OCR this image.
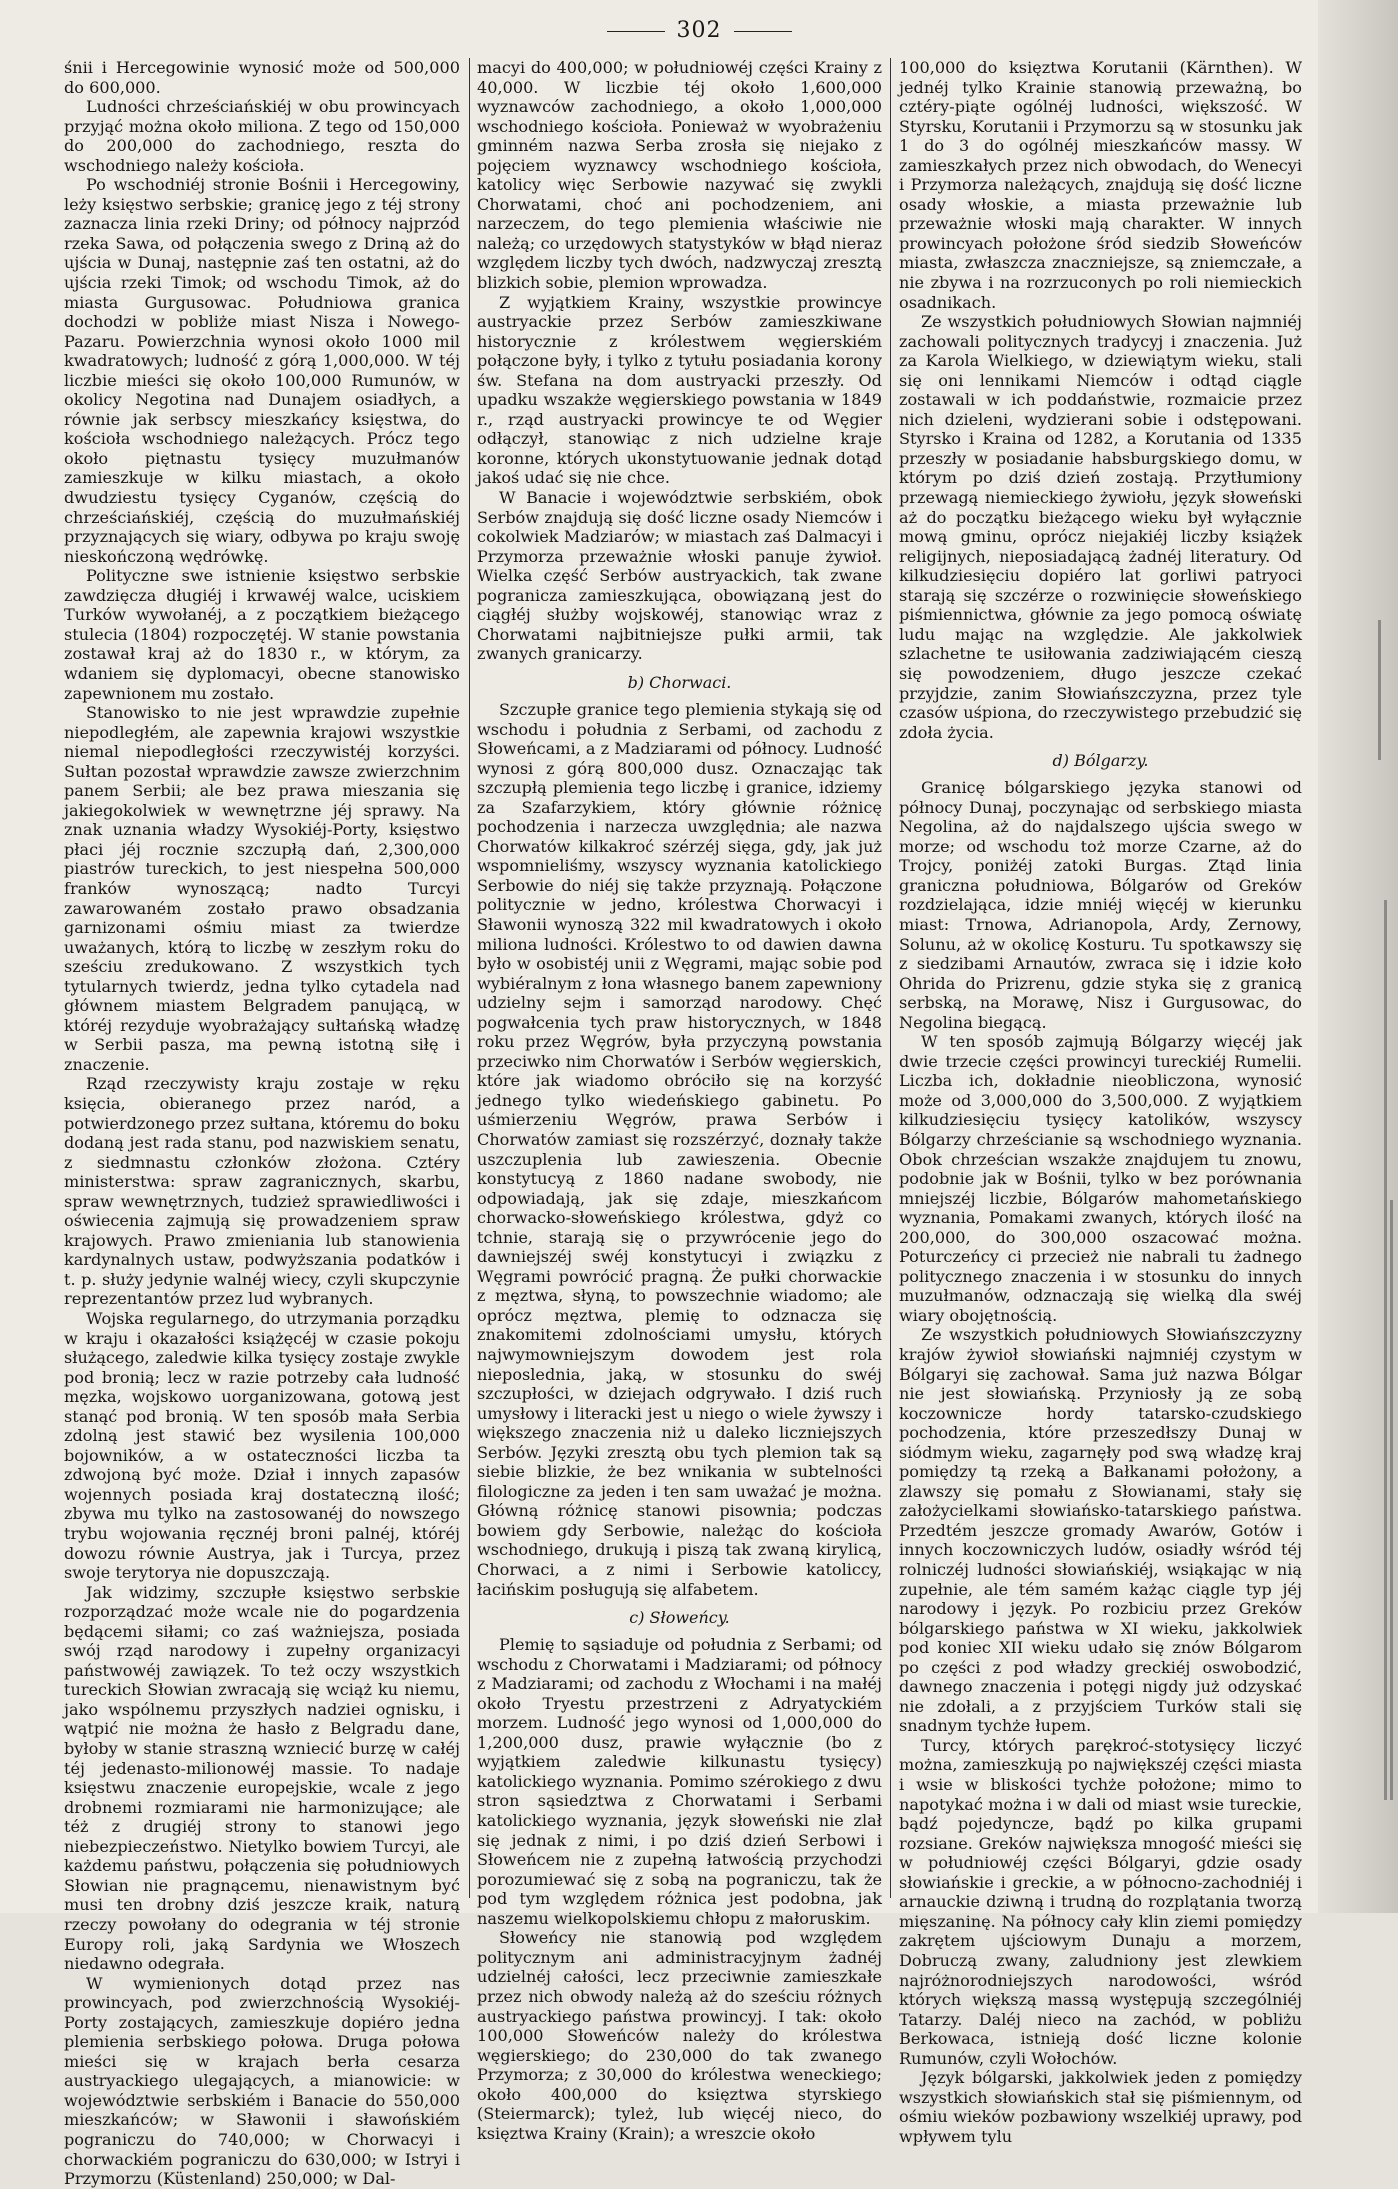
302

śnii i Hercegowinie wynosić może od 500,000 do 600,000.

Ludności chrześciańskiéj w obu prowincyach przyjąć można około miliona. Z tego od 150,000 do 200,000 do zachodniego, reszta do wschodniego należy kościoła.

Po wschodniéj stronie Bośnii i Hercegowiny, leży księstwo serbskie; granicę jego z téj strony zaznacza linia rzeki Driny; od północy najprzód rzeka Sawa, od połączenia swego z Driną aż do ujścia w Dunaj, następnie zaś ten ostatni, aż do ujścia rzeki Timok; od wschodu Timok, aż do miasta Gurgusowac. Południowa granica dochodzi w pobliże miast Nisza i Nowego-Pazaru. Powierzchnia wynosi około 1000 mil kwadratowych; ludność z górą 1,000,000. W téj liczbie mieści się około 100,000 Rumunów, w okolicy Negotina nad Dunajem osiadłych, a równie jak serbscy mieszkańcy księstwa, do kościoła wschodniego należących. Prócz tego około piętnastu tysięcy muzułmanów zamieszkuje w kilku miastach, a około dwudziestu tysięcy Cyganów, częścią do chrześciańskiéj, częścią do muzułmańskiéj przyznających się wiary, odbywa po kraju swoję nieskończoną wędrówkę.

Polityczne swe istnienie księstwo serbskie zawdzięcza długiéj i krwawéj walce, uciskiem Turków wywołanéj, a z początkiem bieżącego stulecia (1804) rozpoczętéj. W stanie powstania zostawał kraj aż do 1830 r., w którym, za wdaniem się dyplomacyi, obecne stanowisko zapewnionem mu zostało.

Stanowisko to nie jest wprawdzie zupełnie niepodległém, ale zapewnia krajowi wszystkie niemal niepodległości rzeczywistéj korzyści. Sułtan pozostał wprawdzie zawsze zwierzchnim panem Serbii; ale bez prawa mieszania się jakiegokolwiek w wewnętrzne jéj sprawy. Na znak uznania władzy Wysokiéj-Porty, księstwo płaci jéj rocznie szczupłą dań, 2,300,000 piastrów tureckich, to jest niespełna 500,000 franków wynoszącą; nadto Turcyi zawarowaném zostało prawo obsadzania garnizonami ośmiu miast za twierdze uważanych, którą to liczbę w zeszłym roku do sześciu zredukowano. Z wszystkich tych tytularnych twierdz, jedna tylko cytadela nad głównem miastem Belgradem panującą, w któréj rezyduje wyobrażający sułtańską władzę w Serbii pasza, ma pewną istotną siłę i znaczenie.

Rząd rzeczywisty kraju zostaje w ręku księcia, obieranego przez naród, a potwierdzonego przez sułtana, któremu do boku dodaną jest rada stanu, pod nazwiskiem senatu, z siedmnastu członków złożona. Cztéry ministerstwa: spraw zagranicznych, skarbu, spraw wewnętrznych, tudzież sprawiedliwości i oświecenia zajmują się prowadzeniem spraw krajowych. Prawo zmieniania lub stanowienia kardynalnych ustaw, podwyższania podatków i t. p. służy jedynie walnéj wiecy, czyli skupczynie reprezentantów przez lud wybranych.

Wojska regularnego, do utrzymania porządku w kraju i okazałości książęcéj w czasie pokoju służącego, zaledwie kilka tysięcy zostaje zwykle pod bronią; lecz w razie potrzeby cała ludność męzka, wojskowo uorganizowana, gotową jest stanąć pod bronią. W ten sposób mała Serbia zdolną jest stawić bez wysilenia 100,000 bojowników, a w ostateczności liczba ta zdwojoną być może. Dział i innych zapasów wojennych posiada kraj dostateczną ilość; zbywa mu tylko na zastosowanéj do nowszego trybu wojowania ręcznéj broni palnéj, któréj dowozu równie Austrya, jak i Turcya, przez swoje terytorya nie dopuszczają.

Jak widzimy, szczupłe księstwo serbskie rozporządzać może wcale nie do pogardzenia będącemi siłami; co zaś ważniejsza, posiada swój rząd narodowy i zupełny organizacyi państwowéj zawiązek. To też oczy wszystkich tureckich Słowian zwracają się wciąż ku niemu, jako wspólnemu przyszłych nadziei ognisku, i wątpić nie można że hasło z Belgradu dane, byłoby w stanie straszną wzniecić burzę w całéj téj jedenasto-milionowéj massie. To nadaje księstwu znaczenie europejskie, wcale z jego drobnemi rozmiarami nie harmonizujące; ale téż z drugiéj strony to stanowi jego niebezpieczeństwo. Nietylko bowiem Turcyi, ale każdemu państwu, połączenia się południowych Słowian nie pragnącemu, nienawistnym być musi ten drobny dziś jeszcze kraik, naturą rzeczy powołany do odegrania w téj stronie Europy roli, jaką Sardynia we Włoszech niedawno odegrała.

W wymienionych dotąd przez nas prowincyach, pod zwierzchnością Wysokiéj-Porty zostających, zamieszkuje dopiéro jedna plemienia serbskiego połowa. Druga połowa mieści się w krajach berła cesarza austryackiego ulegających, a mianowicie: w województwie serbskiém i Banacie do 550,000 mieszkańców; w Sławonii i sławońskiém pograniczu do 740,000; w Chorwacyi i chorwackiém pograniczu do 630,000; w Istryi i Przymorzu (Küstenland) 250,000; w Dal-

macyi do 400,000; w południowéj części Krainy z 40,000. W liczbie téj około 1,600,000 wyznawców zachodniego, a około 1,000,000 wschodniego kościoła. Ponieważ w wyobrażeniu gminném nazwa Serba zrosła się niejako z pojęciem wyznawcy wschodniego kościoła, katolicy więc Serbowie nazywać się zwykli Chorwatami, choć ani pochodzeniem, ani narzeczem, do tego plemienia właściwie nie należą; co urzędowych statystyków w błąd nieraz względem liczby tych dwóch, nadzwyczaj zresztą blizkich sobie, plemion wprowadza.

Z wyjątkiem Krainy, wszystkie prowincye austryackie przez Serbów zamieszkiwane historycznie z królestwem węgierskiém połączone były, i tylko z tytułu posiadania korony św. Stefana na dom austryacki przeszły. Od upadku wszakże węgierskiego powstania w 1849 r., rząd austryacki prowincye te od Węgier odłączył, stanowiąc z nich udzielne kraje koronne, których ukonstytuowanie jednak dotąd jakoś udać się nie chce.

W Banacie i województwie serbskiém, obok Serbów znajdują się dość liczne osady Niemców i cokolwiek Madziarów; w miastach zaś Dalmacyi i Przymorza przeważnie włoski panuje żywioł. Wielka część Serbów austryackich, tak zwane pogranicza zamieszkująca, obowiązaną jest do ciągłéj służby wojskowéj, stanowiąc wraz z Chorwatami najbitniejsze pułki armii, tak zwanych granicarzy.

b) Chorwaci.

Szczupłe granice tego plemienia stykają się od wschodu i południa z Serbami, od zachodu z Słoweńcami, a z Madziarami od północy. Ludność wynosi z górą 800,000 dusz. Oznaczając tak szczupłą plemienia tego liczbę i granice, idziemy za Szafarzykiem, który głównie różnicę pochodzenia i narzecza uwzględnia; ale nazwa Chorwatów kilkakroć szérzéj sięga, gdy, jak już wspomnieliśmy, wszyscy wyznania katolickiego Serbowie do niéj się także przyznają. Połączone politycznie w jedno, królestwa Chorwacyi i Sławonii wynoszą 322 mil kwadratowych i około miliona ludności. Królestwo to od dawien dawna było w osobistéj unii z Węgrami, mając sobie pod wybiéralnym z łona własnego banem zapewniony udzielny sejm i samorząd narodowy. Chęć pogwałcenia tych praw historycznych, w 1848 roku przez Węgrów, była przyczyną powstania przeciwko nim Chorwatów i Serbów węgierskich, które jak wiadomo obróciło się na korzyść jednego tylko wiedeńskiego gabinetu. Po uśmierzeniu Węgrów, prawa Serbów i Chorwatów zamiast się rozszérzyć, doznały także uszczuplenia lub zawieszenia. Obecnie konstytucyą z 1860 nadane swobody, nie odpowiadają, jak się zdaje, mieszkańcom chorwacko-słoweńskiego królestwa, gdyż co tchnie, starają się o przywrócenie jego do dawniejszéj swéj konstytucyi i związku z Węgrami powrócić pragną. Że pułki chorwackie z męztwa, słyną, to powszechnie wiadomo; ale oprócz męztwa, plemię to odznacza się znakomitemi zdolnościami umysłu, których najwymowniejszym dowodem jest rola nieposlednia, jaką, w stosunku do swéj szczupłości, w dziejach odgrywało. I dziś ruch umysłowy i literacki jest u niego o wiele żywszy i większego znaczenia niż u daleko liczniejszych Serbów. Języki zresztą obu tych plemion tak są siebie blizkie, że bez wnikania w subtelności filologiczne za jeden i ten sam uważać je można. Główną różnicę stanowi pisownia; podczas bowiem gdy Serbowie, należąc do kościoła wschodniego, drukują i piszą tak zwaną kirylicą, Chorwaci, a z nimi i Serbowie katoliccy, łacińskim posługują się alfabetem.

c) Słoweńcy.

Plemię to sąsiaduje od południa z Serbami; od wschodu z Chorwatami i Madziarami; od północy z Madziarami; od zachodu z Włochami i na małéj około Tryestu przestrzeni z Adryatyckiém morzem. Ludność jego wynosi od 1,000,000 do 1,200,000 dusz, prawie wyłącznie (bo z wyjątkiem zaledwie kilkunastu tysięcy) katolickiego wyznania. Pomimo szérokiego z dwu stron sąsiedztwa z Chorwatami i Serbami katolickiego wyznania, język słoweński nie zlał się jednak z nimi, i po dziś dzień Serbowi i Słoweńcem nie z zupełną łatwością przychodzi porozumiewać się z sobą na pograniczu, tak że pod tym względem różnica jest podobna, jak naszemu wielkopolskiemu chłopu z małoruskim.

Słoweńcy nie stanowią pod względem politycznym ani administracyjnym żadnéj udzielnéj całości, lecz przeciwnie zamieszkałe przez nich obwody należą aż do sześciu różnych austryackiego państwa prowincyj. I tak: około 100,000 Słoweńców należy do królestwa węgierskiego; do 230,000 do tak zwanego Przymorza; z 30,000 do królestwa weneckiego; około 400,000 do księztwa styrskiego (Steiermarck); tyleż, lub więcéj nieco, do księztwa Krainy (Krain); a wreszcie około

100,000 do księztwa Korutanii (Kärnthen). W jednéj tylko Krainie stanowią przeważną, bo cztéry-piąte ogólnéj ludności, większość. W Styrsku, Korutanii i Przymorzu są w stosunku jak 1 do 3 do ogólnéj mieszkańców massy. W zamieszkałych przez nich obwodach, do Wenecyi i Przymorza należących, znajdują się dość liczne osady włoskie, a miasta przeważnie lub przeważnie włoski mają charakter. W innych prowincyach położone śród siedzib Słoweńców miasta, zwłaszcza znaczniejsze, są zniemczałe, a nie zbywa i na rozrzuconych po roli niemieckich osadnikach.

Ze wszystkich południowych Słowian najmniéj zachowali politycznych tradycyj i znaczenia. Już za Karola Wielkiego, w dziewiątym wieku, stali się oni lennikami Niemców i odtąd ciągle zostawali w ich poddaństwie, rozmaicie przez nich dzieleni, wydzierani sobie i odstępowani. Styrsko i Kraina od 1282, a Korutania od 1335 przeszły w posiadanie habsburgskiego domu, w którym po dziś dzień zostają. Przytłumiony przewagą niemieckiego żywiołu, język słoweński aż do początku bieżącego wieku był wyłącznie mową gminu, oprócz niejakiéj liczby książek religijnych, nieposiadającą żadnéj literatury. Od kilkudziesięciu dopiéro lat gorliwi patryoci starają się szczérze o rozwinięcie słoweńskiego piśmiennictwa, głównie za jego pomocą oświatę ludu mając na względzie. Ale jakkolwiek szlachetne te usiłowania zadziwiającém cieszą się powodzeniem, długo jeszcze czekać przyjdzie, zanim Słowiańszczyzna, przez tyle czasów uśpiona, do rzeczywistego przebudzić się zdoła życia.

d) Bólgarzy.

Granicę bólgarskiego języka stanowi od północy Dunaj, poczynając od serbskiego miasta Negolina, aż do najdalszego ujścia swego w morze; od wschodu toż morze Czarne, aż do Trojcy, poniżéj zatoki Burgas. Ztąd linia graniczna południowa, Bólgarów od Greków rozdzielająca, idzie mniéj więcéj w kierunku miast: Trnowa, Adrianopola, Ardy, Zernowy, Solunu, aż w okolicę Kosturu. Tu spotkawszy się z siedzibami Arnautów, zwraca się i idzie koło Ohrida do Prizrenu, gdzie styka się z granicą serbską, na Morawę, Nisz i Gurgusowac, do Negolina biegącą.

W ten sposób zajmują Bólgarzy więcéj jak dwie trzecie części prowincyi tureckiéj Rumelii. Liczba ich, dokładnie nieobliczona, wynosić może od 3,000,000 do 3,500,000. Z wyjątkiem kilkudziesięciu tysięcy katolików, wszyscy Bólgarzy chrześcianie są wschodniego wyznania. Obok chrześcian wszakże znajdujem tu znowu, podobnie jak w Bośnii, tylko w bez porównania mniejszéj liczbie, Bólgarów mahometańskiego wyznania, Pomakami zwanych, których ilość na 200,000, do 300,000 oszacować można. Poturczeńcy ci przecież nie nabrali tu żadnego politycznego znaczenia i w stosunku do innych muzułmanów, odznaczają się wielką dla swéj wiary obojętnością.

Ze wszystkich południowych Słowiańszczyzny krajów żywioł słowiański najmniéj czystym w Bólgaryi się zachował. Sama już nazwa Bólgar nie jest słowiańską. Przyniosły ją ze sobą koczownicze hordy tatarsko-czudskiego pochodzenia, które przeszedłszy Dunaj w siódmym wieku, zagarnęły pod swą władzę kraj pomiędzy tą rzeką a Bałkanami położony, a zlawszy się pomału z Słowianami, stały się założycielkami słowiańsko-tatarskiego państwa. Przedtém jeszcze gromady Awarów, Gotów i innych koczowniczych ludów, osiadły wśród téj rolniczéj ludności słowiańskiéj, wsiąkając w nią zupełnie, ale tém samém każąc ciągle typ jéj narodowy i język. Po rozbiciu przez Greków bólgarskiego państwa w XI wieku, jakkolwiek pod koniec XII wieku udało się znów Bólgarom po części z pod władzy greckiéj oswobodzić, dawnego znaczenia i potęgi nigdy już odzyskać nie zdołali, a z przyjściem Turków stali się snadnym tychże łupem.

Turcy, których parękroć-stotysięcy liczyć można, zamieszkują po największéj części miasta i wsie w bliskości tychże położone; mimo to napotykać można i w dali od miast wsie tureckie, bądź pojedyncze, bądź po kilka grupami rozsiane. Greków największa mnogość mieści się w południowéj części Bólgaryi, gdzie osady słowiańskie i greckie, a w północno-zachodniéj i arnauckie dziwną i trudną do rozplątania tworzą mięszaninę. Na północy cały klin ziemi pomiędzy zakrętem ujściowym Dunaju a morzem, Dobruczą zwany, zaludniony jest zlewkiem najróżnorodniejszych narodowości, wśród których większą massą występują szczególniéj Tatarzy. Daléj nieco na zachód, w pobliżu Berkowaca, istnieją dość liczne kolonie Rumunów, czyli Wołochów.

Język bólgarski, jakkolwiek jeden z pomiędzy wszystkich słowiańskich stał się piśmiennym, od ośmiu wieków pozbawiony wszelkiéj uprawy, pod wpływem tylu
